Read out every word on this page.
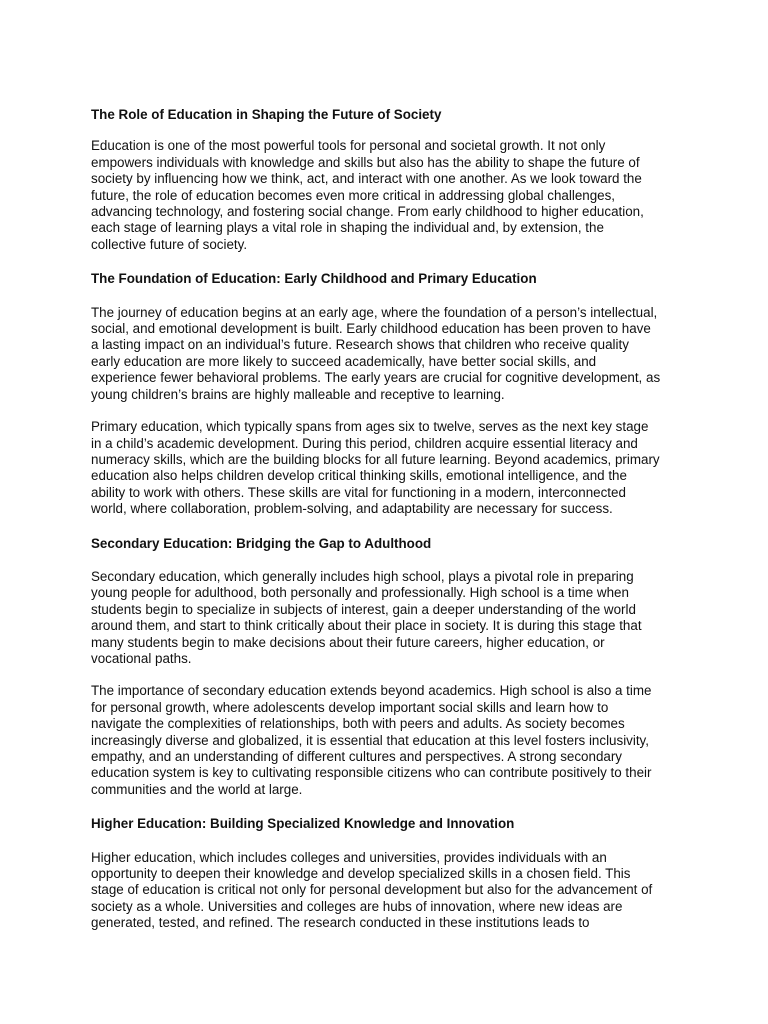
The Role of Education in Shaping the Future of Society

Education is one of the most powerful tools for personal and societal growth. It not only
empowers individuals with knowledge and skills but also has the ability to shape the future of
society by influencing how we think, act, and interact with one another. As we look toward the
future, the role of education becomes even more critical in addressing global challenges,
advancing technology, and fostering social change. From early childhood to higher education,
each stage of learning plays a vital role in shaping the individual and, by extension, the
collective future of society.

The Foundation of Education: Early Childhood and Primary Education

The journey of education begins at an early age, where the foundation of a person’s intellectual,
social, and emotional development is built. Early childhood education has been proven to have
a lasting impact on an individual’s future. Research shows that children who receive quality
early education are more likely to succeed academically, have better social skills, and
experience fewer behavioral problems. The early years are crucial for cognitive development, as
young children’s brains are highly malleable and receptive to learning.

Primary education, which typically spans from ages six to twelve, serves as the next key stage
in a child’s academic development. During this period, children acquire essential literacy and
numeracy skills, which are the building blocks for all future learning. Beyond academics, primary
education also helps children develop critical thinking skills, emotional intelligence, and the
ability to work with others. These skills are vital for functioning in a modern, interconnected
world, where collaboration, problem-solving, and adaptability are necessary for success.

Secondary Education: Bridging the Gap to Adulthood

Secondary education, which generally includes high school, plays a pivotal role in preparing
young people for adulthood, both personally and professionally. High school is a time when
students begin to specialize in subjects of interest, gain a deeper understanding of the world
around them, and start to think critically about their place in society. It is during this stage that
many students begin to make decisions about their future careers, higher education, or
vocational paths.

The importance of secondary education extends beyond academics. High school is also a time
for personal growth, where adolescents develop important social skills and learn how to
navigate the complexities of relationships, both with peers and adults. As society becomes
increasingly diverse and globalized, it is essential that education at this level fosters inclusivity,
empathy, and an understanding of different cultures and perspectives. A strong secondary
education system is key to cultivating responsible citizens who can contribute positively to their
communities and the world at large.

Higher Education: Building Specialized Knowledge and Innovation

Higher education, which includes colleges and universities, provides individuals with an
opportunity to deepen their knowledge and develop specialized skills in a chosen field. This
stage of education is critical not only for personal development but also for the advancement of
society as a whole. Universities and colleges are hubs of innovation, where new ideas are
generated, tested, and refined. The research conducted in these institutions leads to
